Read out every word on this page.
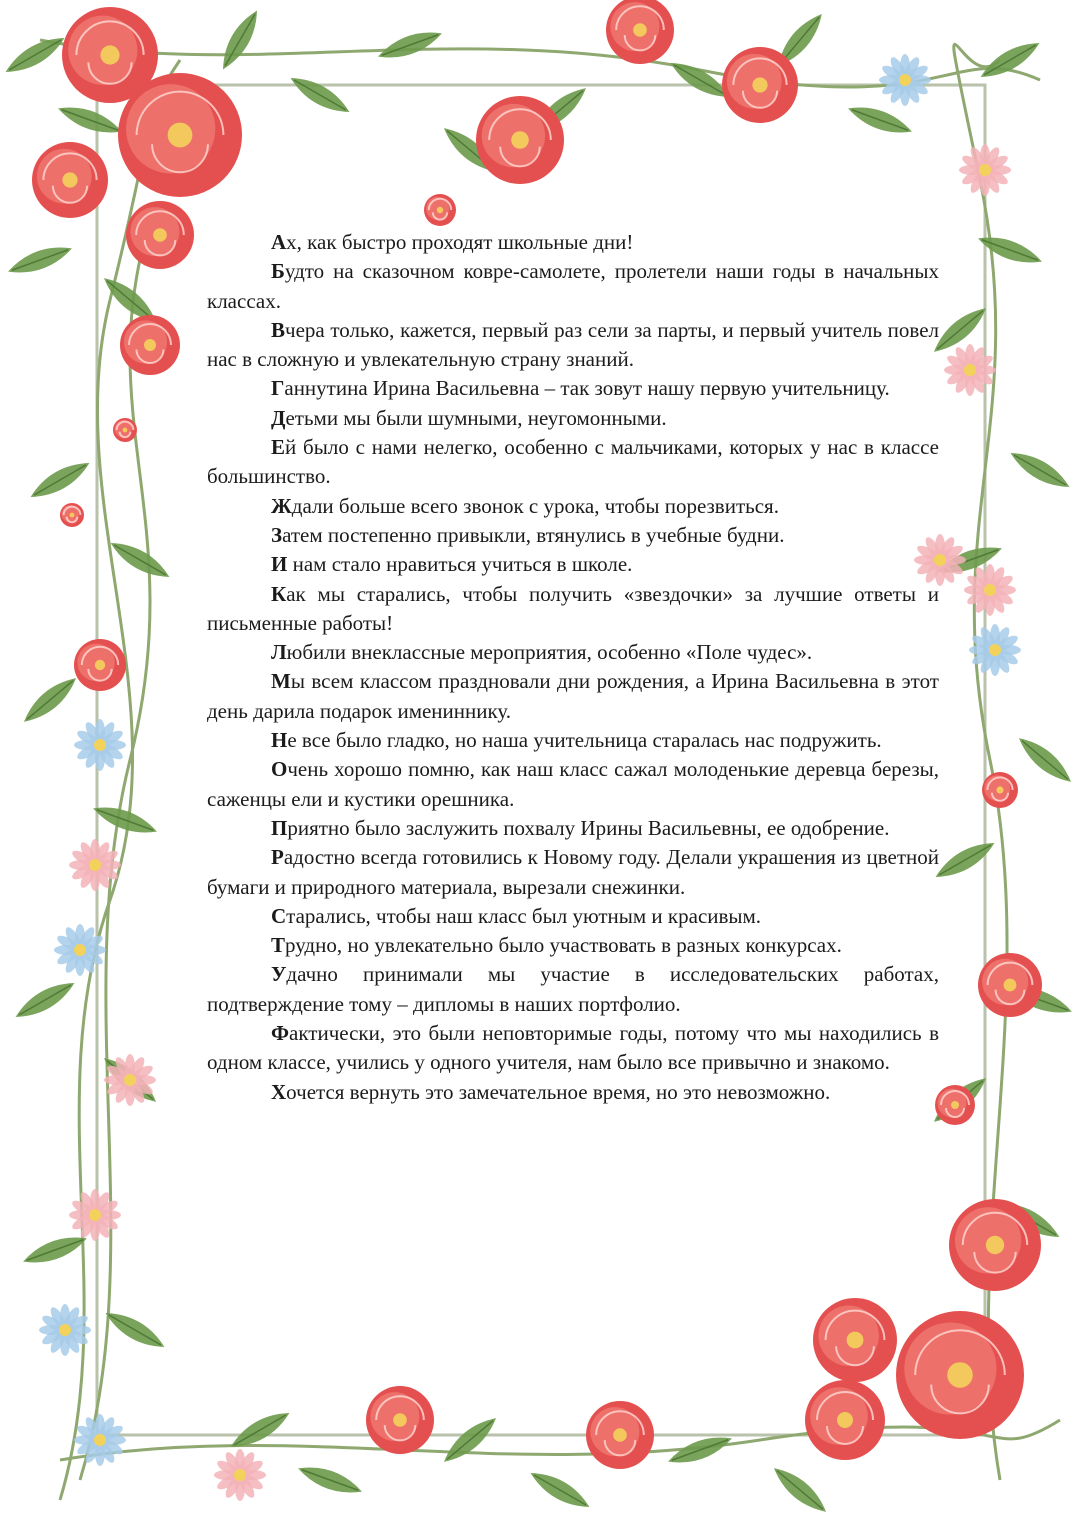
Ах, как быстро проходят школьные дни!

Будто на сказочном ковре-самолете, пролетели наши годы в начальных классах.

Вчера только, кажется, первый раз сели за парты, и первый учитель повел нас в сложную и увлекательную страну знаний.

Ганнутина Ирина Васильевна – так зовут нашу первую учительницу.

Детьми мы были шумными, неугомонными.

Ей было с нами нелегко, особенно с мальчиками, которых у нас в классе большинство.

Ждали больше всего звонок с урока, чтобы порезвиться.

Затем постепенно привыкли, втянулись в учебные будни.

И нам стало нравиться учиться в школе.

Как мы старались, чтобы получить «звездочки» за лучшие ответы и письменные работы!

Любили внеклассные мероприятия, особенно «Поле чудес».

Мы всем классом праздновали дни рождения, а Ирина Васильевна в этот день дарила подарок имениннику.

Не все было гладко, но наша учительница старалась нас подружить.

Очень хорошо помню, как наш класс сажал молоденькие деревца березы, саженцы ели и кустики орешника.

Приятно было заслужить похвалу Ирины Васильевны, ее одобрение.

Радостно всегда готовились к Новому году. Делали украшения из цветной бумаги и природного материала, вырезали снежинки.

Старались, чтобы наш класс был уютным и красивым.

Трудно, но увлекательно было участвовать в разных конкурсах.

Удачно принимали мы участие в исследовательских работах, подтверждение тому – дипломы в наших портфолио.

Фактически, это были неповторимые годы, потому что мы находились в одном классе, учились у одного учителя, нам было все привычно и знакомо.

Хочется вернуть это замечательное время, но это невозможно.
